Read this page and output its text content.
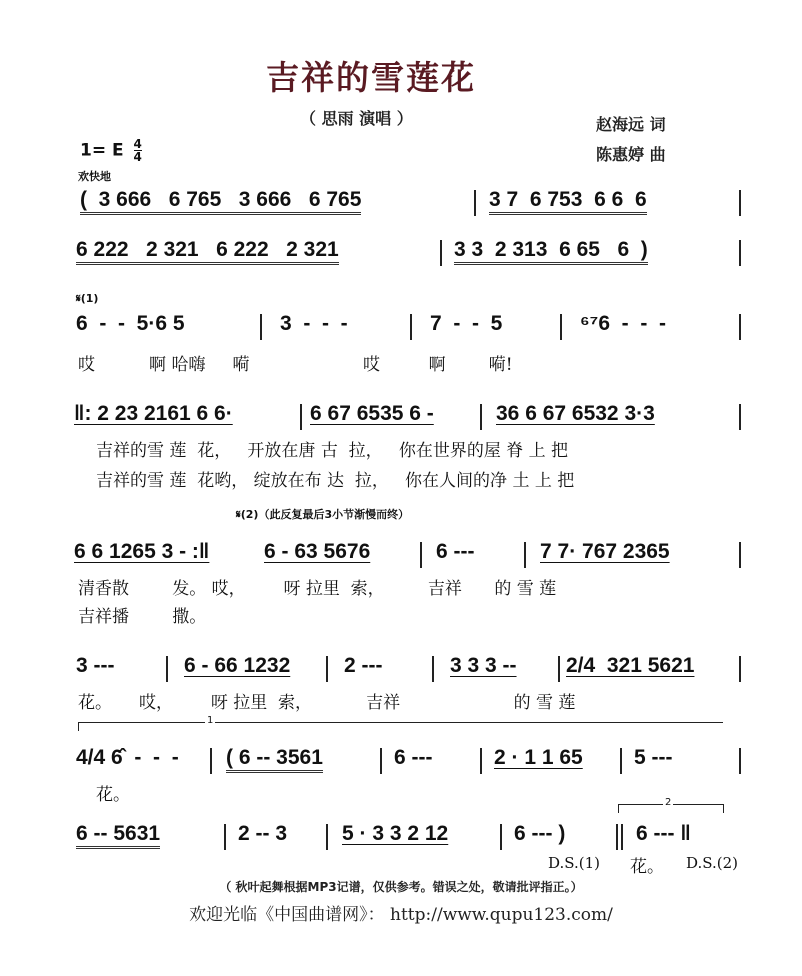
吉祥的雪莲花
（ 思雨 演唱 ）	赵海远 词
陈惠婷 曲
1= E $\frac{4}{4}$
欢快地
(  3 666   6 765   3 666   6 765	3 7  6 753  6 6  6
6 222   2 321   6 222   2 321	3 3  2 313  6 65   6  )
𝄋(1)
6  -  -  5·6 5	3  -  -  -	7  -  -  5	⁶⁷6  -  -  -
哎          啊 哈嗨     嗬                     哎         啊        嗬!
‖: 2 23 2161 6 6·	6 67 6535 6 -	36 6 67 6532 3·3
吉祥的雪 莲  花，   开放在唐 古  拉，   你在世界的屋 脊 上 把
吉祥的雪 莲  花哟， 绽放在布 达  拉，   你在人间的净 土 上 把
𝄋(2)（此反复最后3小节渐慢而终）
6 6 1265 3 - :‖	6 - 63 5676	6 ---	7 7· 767 2365
清香散        发。 哎，       呀 拉里  索，        吉祥      的 雪 莲
吉祥播        撒。
3 ---	6 - 66 1232	2 ---	3 3 3 -- 2/4  321 5621
花。     哎，       呀 拉里  索，          吉祥                     的 雪 莲
1
4/4 6̂  -  -  - ( 6 -- 3561	6 ---	2 · 1 1 65 5 ---
花。	2
6 -- 5631	2 -- 3	5 · 3 3 2 12	6 --- )	6 --- ‖
D.S.(1) 花。 D.S.(2)
（ 秋叶起舞根据MP3记谱，仅供参考。错误之处，敬请批评指正。）
欢迎光临《中国曲谱网》： http://www.qupu123.com/
